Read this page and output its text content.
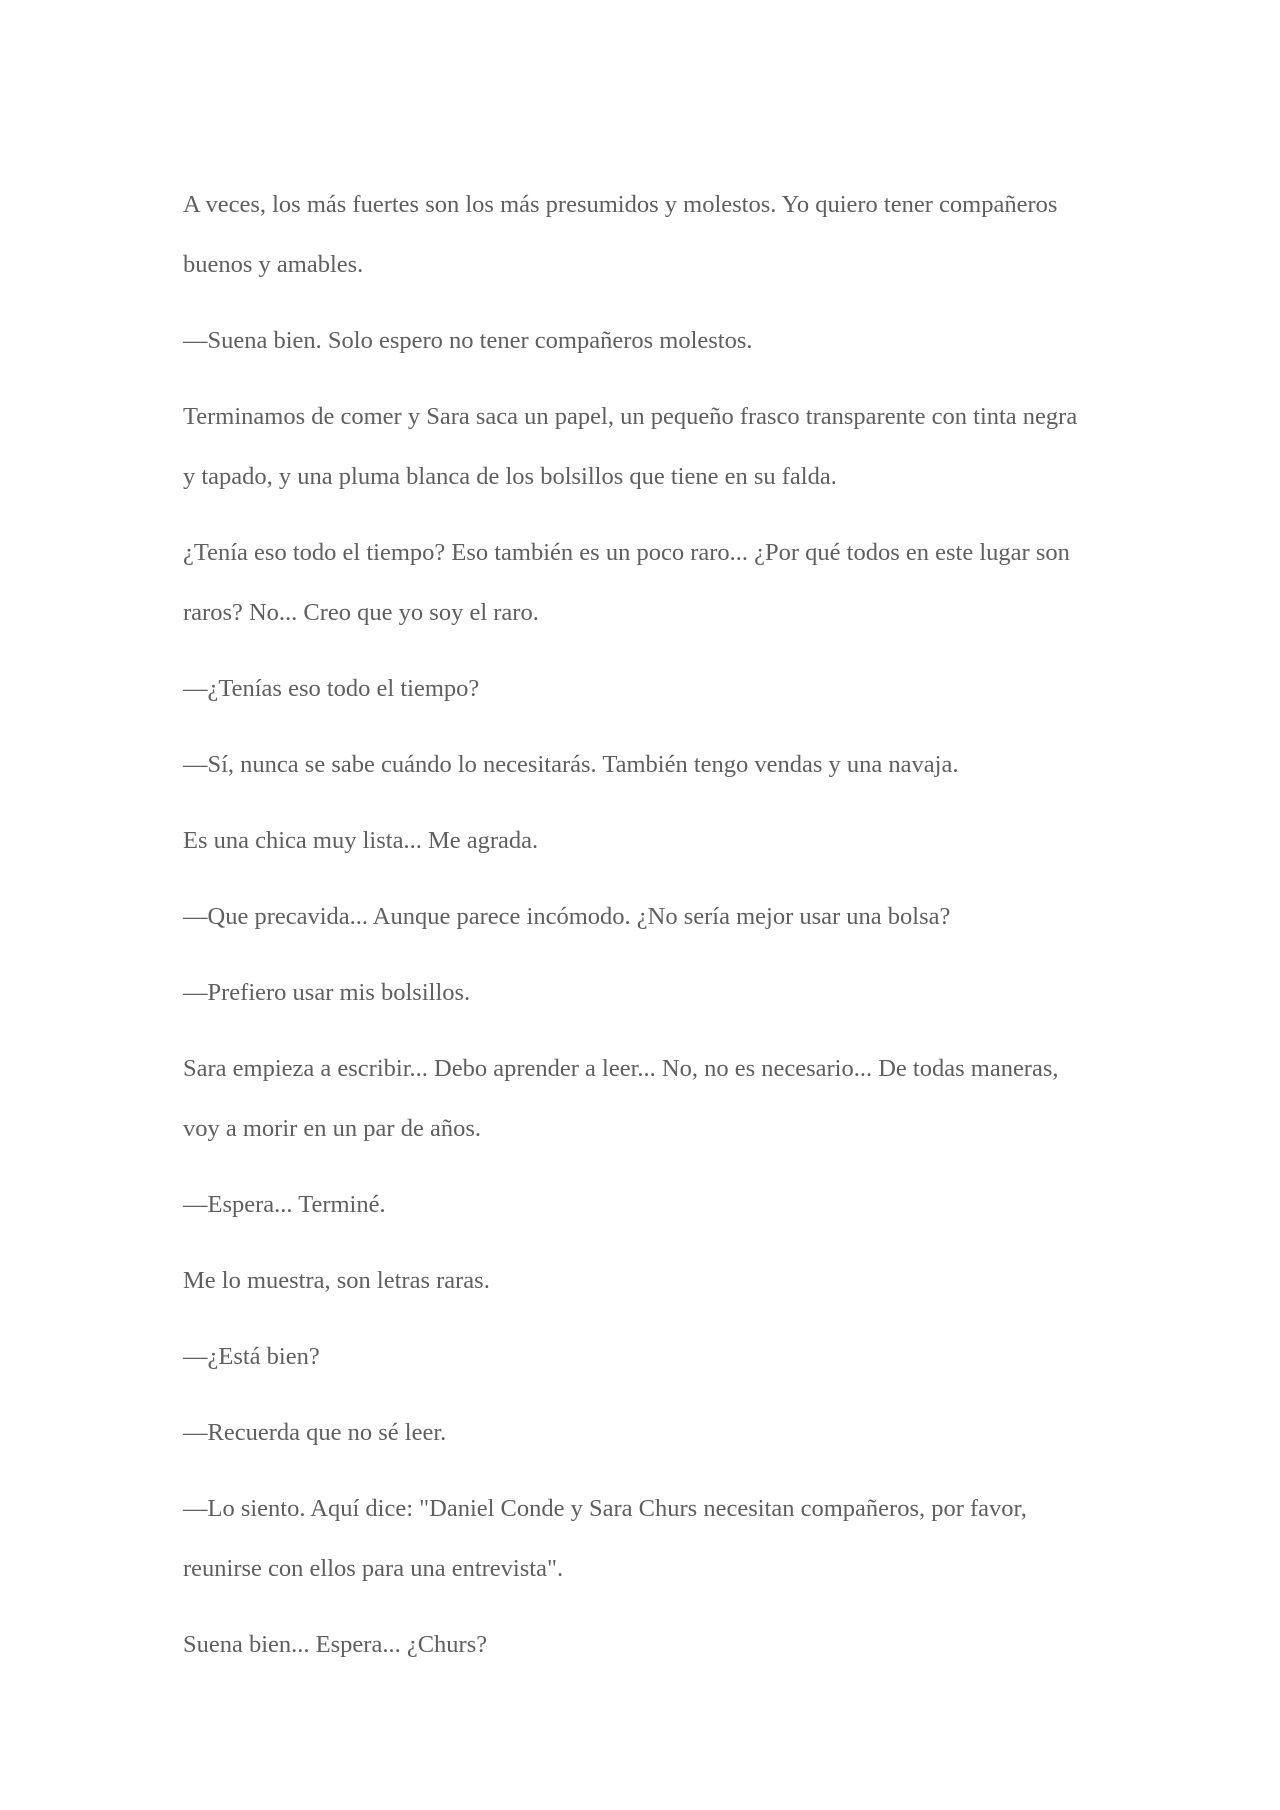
A veces, los más fuertes son los más presumidos y molestos. Yo quiero tener compañeros buenos y amables.

—Suena bien. Solo espero no tener compañeros molestos.

Terminamos de comer y Sara saca un papel, un pequeño frasco transparente con tinta negra y tapado, y una pluma blanca de los bolsillos que tiene en su falda.

¿Tenía eso todo el tiempo? Eso también es un poco raro... ¿Por qué todos en este lugar son raros? No... Creo que yo soy el raro.

—¿Tenías eso todo el tiempo?

—Sí, nunca se sabe cuándo lo necesitarás. También tengo vendas y una navaja.

Es una chica muy lista... Me agrada.

—Que precavida... Aunque parece incómodo. ¿No sería mejor usar una bolsa?

—Prefiero usar mis bolsillos.

Sara empieza a escribir... Debo aprender a leer... No, no es necesario... De todas maneras, voy a morir en un par de años.

—Espera... Terminé.

Me lo muestra, son letras raras.

—¿Está bien?

—Recuerda que no sé leer.

—Lo siento. Aquí dice: "Daniel Conde y Sara Churs necesitan compañeros, por favor, reunirse con ellos para una entrevista".

Suena bien... Espera... ¿Churs?
